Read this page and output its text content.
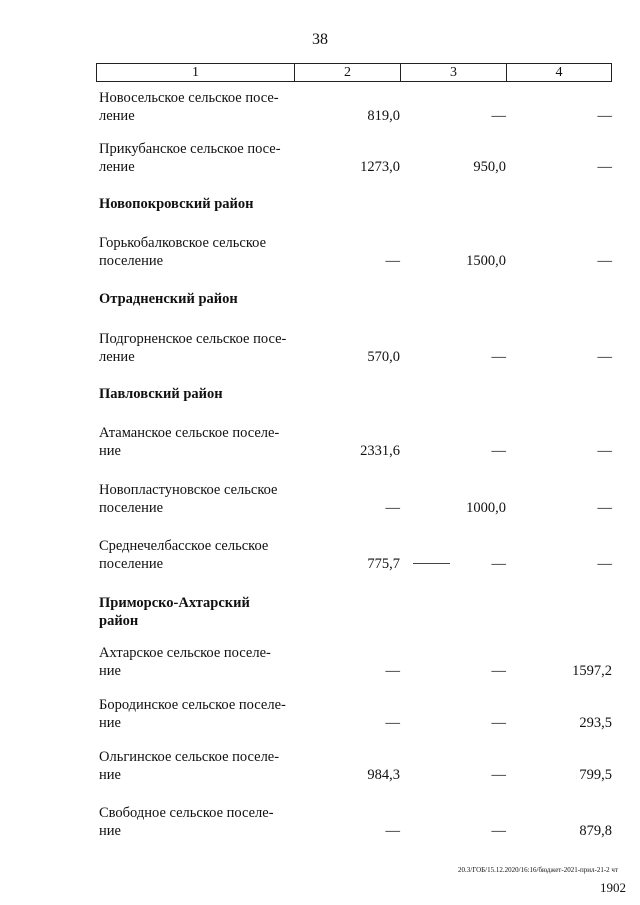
38
1	2	3	4
Новосельское сельское посе-
ление	819,0	—	—
Прикубанское сельское посе-
ление	1273,0	950,0	—
Новопокровский район
Горькобалковское сельское
поселение	—	1500,0	—
Отрадненский район
Подгорненское сельское посе-
ление	570,0	—	—
Павловский район
Атаманское сельское поселе-
ние	2331,6	—	—
Новопластуновское сельское
поселение	—	1000,0	—
Среднечелбасское сельское
поселение	775,7	—	—
Приморско-Ахтарский
район
Ахтарское сельское поселе-
ние	—	—	1597,2
Бородинское сельское поселе-
ние	—	—	293,5
Ольгинское сельское поселе-
ние	984,3	—	799,5
Свободное сельское поселе-
ние	—	—	879,8
20.3/ГОБ/15.12.2020/16:16/бюджет-2021-прил-21-2 чт
1902
